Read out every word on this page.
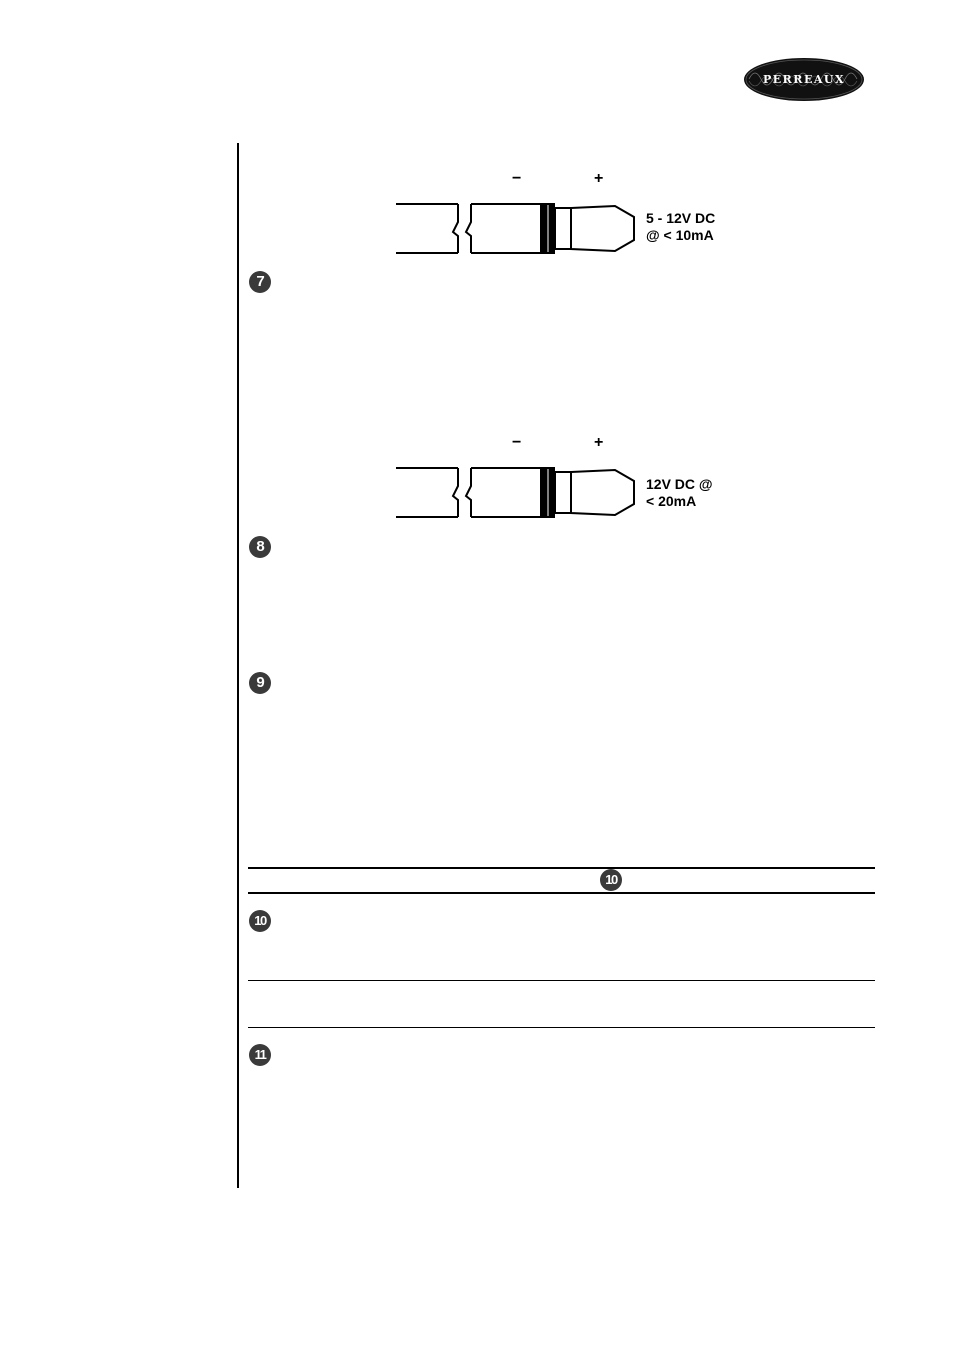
PERREAUX
−	+
5 - 12V DC
@ < 10mA
7
−	+
12V DC @
< 20mA
8
9
10
10
11
